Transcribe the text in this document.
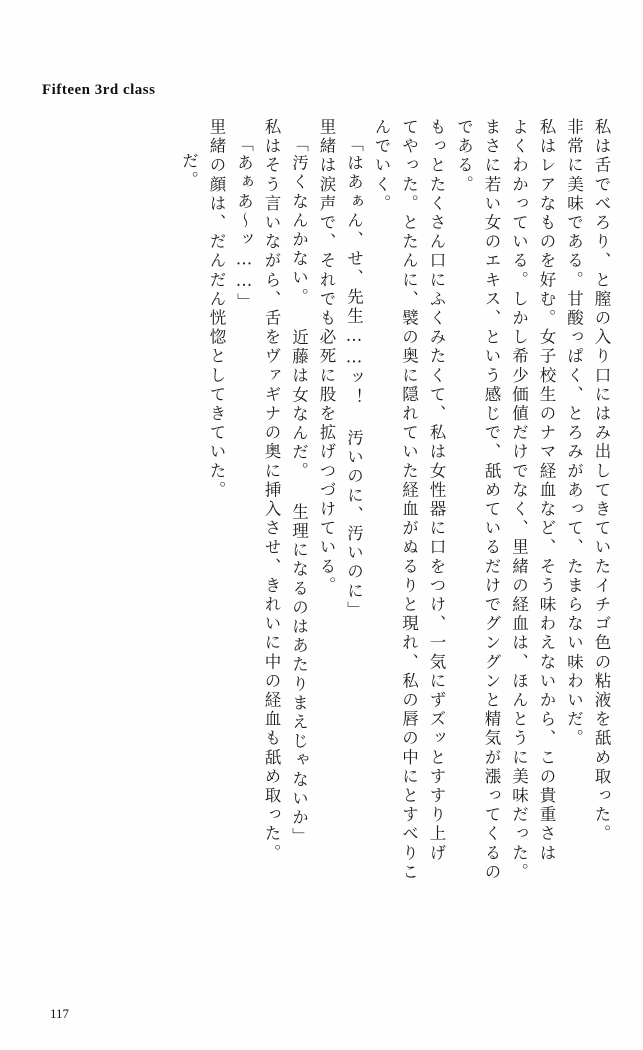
Fifteen 3rd class
私は舌でべろり、と膣の入り口にはみ出してきていたイチゴ色の粘液を舐め取った。
非常に美味である。甘酸っぱく、とろみがあって、たまらない味わいだ。
私はレアなものを好む。女子校生のナマ経血など、そう味わえないから、この貴重さは
よくわかっている。しかし希少価値だけでなく、里緒の経血は、ほんとうに美味だった。
まさに若い女のエキス、という感じで、舐めているだけでグングンと精気が漲ってくるの
である。
もっとたくさん口にふくみたくて、私は女性器に口をつけ、一気にずズッとすすり上げ
てやった。とたんに、襞の奥に隠れていた経血がぬるりと現れ、私の唇の中にとすべりこ
んでいく。
「はあぁん、せ、先生……ッ！ 汚いのに、汚いのに」
里緒は涙声で、それでも必死に股を拡げつづけている。
「汚くなんかない。 近藤は女なんだ。 生理になるのはあたりまえじゃないか」
私はそう言いながら、舌をヴァギナの奥に挿入させ、きれいに中の経血も舐め取った。
「あぁあ〜ッ……」
里緒の顔は、だんだん恍惚としてきていた。
だ。
117
